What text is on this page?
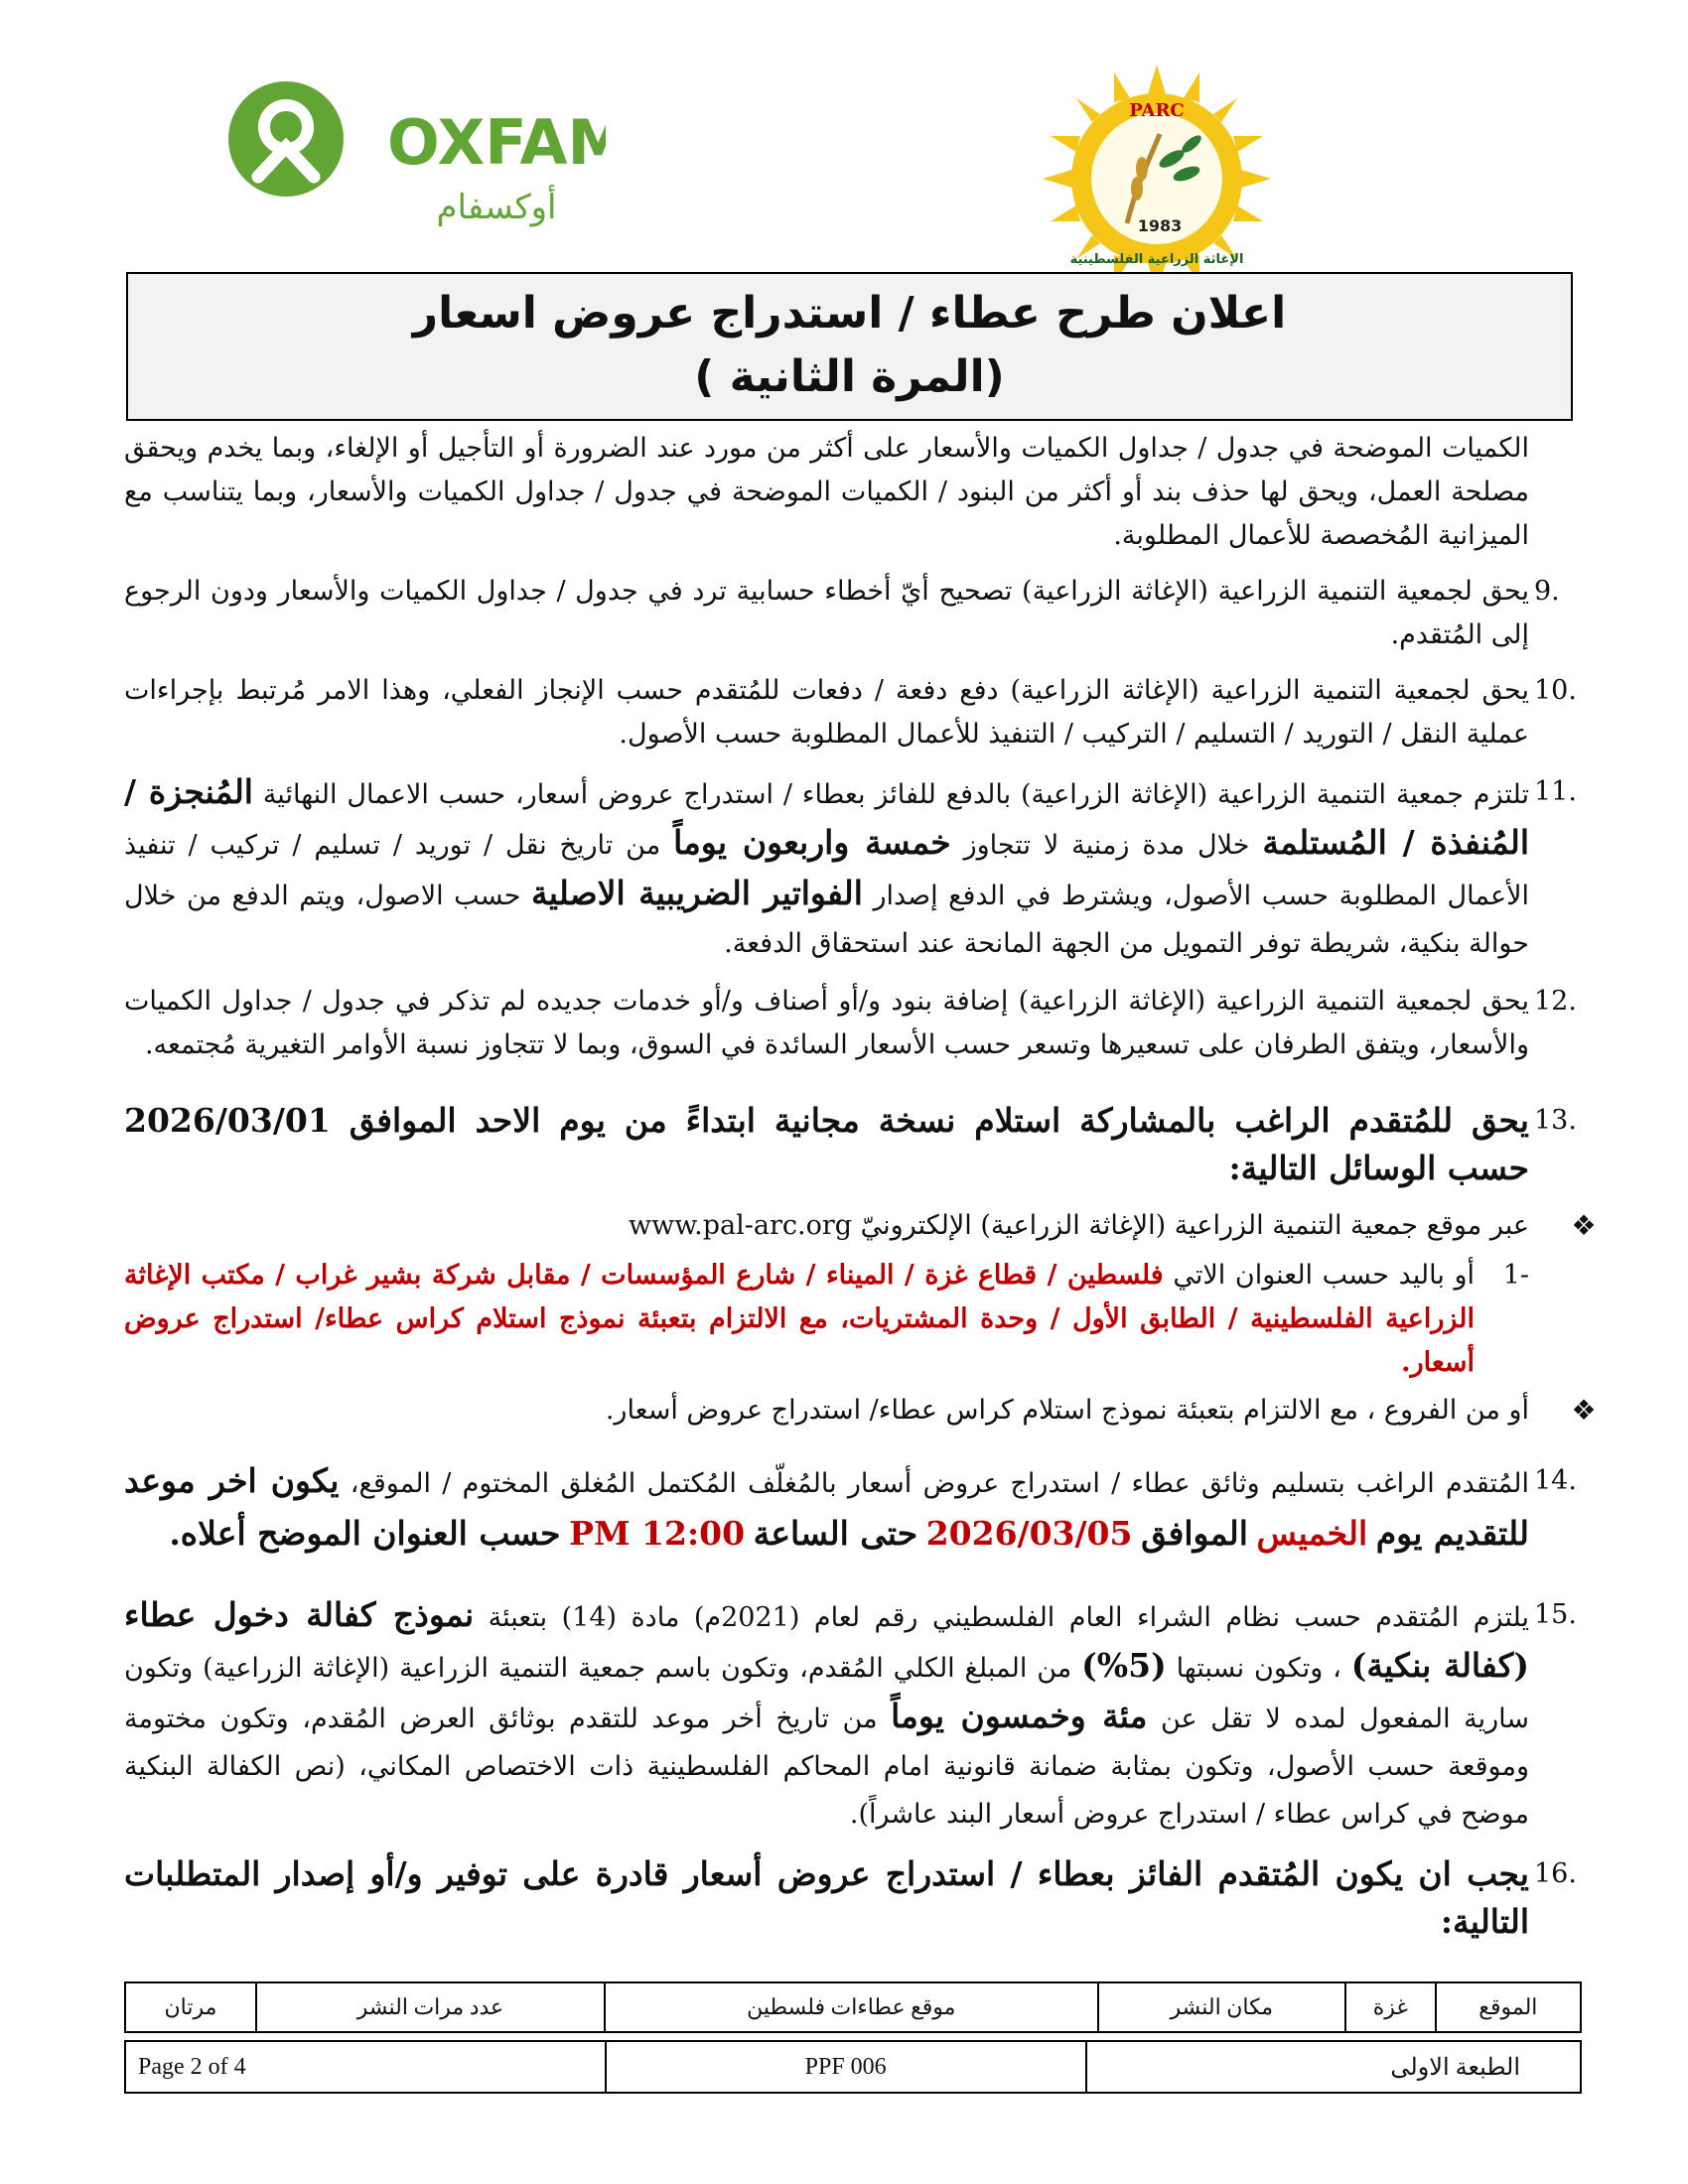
OXFAM
أوكسفام
PARC
1983
الإغاثة الزراعية الفلسطينية
اعلان طرح عطاء / استدراج عروض اسعار
(المرة الثانية )

الكميات الموضحة في جدول / جداول الكميات والأسعار على أكثر من مورد عند الضرورة أو التأجيل أو الإلغاء، وبما يخدم ويحقق مصلحة العمل، ويحق لها حذف بند أو أكثر من البنود / الكميات الموضحة في جدول / جداول الكميات والأسعار، وبما يتناسب مع الميزانية المُخصصة للأعمال المطلوبة.

9.
يحق لجمعية التنمية الزراعية (الإغاثة الزراعية) تصحيح أيّ أخطاء حسابية ترد في جدول / جداول الكميات والأسعار ودون الرجوع إلى المُتقدم.
10.
يحق لجمعية التنمية الزراعية (الإغاثة الزراعية) دفع دفعة / دفعات للمُتقدم حسب الإنجاز الفعلي، وهذا الامر مُرتبط بإجراءات عملية النقل / التوريد / التسليم / التركيب / التنفيذ للأعمال المطلوبة حسب الأصول.
11.
تلتزم جمعية التنمية الزراعية (الإغاثة الزراعية) بالدفع للفائز بعطاء / استدراج عروض أسعار، حسب الاعمال النهائية المُنجزة / المُنفذة / المُستلمة خلال مدة زمنية لا تتجاوز خمسة واربعون يوماً من تاريخ نقل / توريد / تسليم / تركيب / تنفيذ الأعمال المطلوبة حسب الأصول، ويشترط في الدفع إصدار الفواتير الضريبية الاصلية حسب الاصول، ويتم الدفع من خلال حوالة بنكية، شريطة توفر التمويل من الجهة المانحة عند استحقاق الدفعة.
12.
يحق لجمعية التنمية الزراعية (الإغاثة الزراعية) إضافة بنود و/أو أصناف و/أو خدمات جديده لم تذكر في جدول / جداول الكميات والأسعار، ويتفق الطرفان على تسعيرها وتسعر حسب الأسعار السائدة في السوق، وبما لا تتجاوز نسبة الأوامر التغيرية مُجتمعه.
13.
يحق للمُتقدم الراغب بالمشاركة استلام نسخة مجانية ابتداءً من يوم الاحد الموافق 2026/03/01 حسب الوسائل التالية:
❖
عبر موقع جمعية التنمية الزراعية (الإغاثة الزراعية) الإلكترونيّ www.pal-arc.org
1-
أو باليد حسب العنوان الاتي فلسطين / قطاع غزة / الميناء / شارع المؤسسات / مقابل شركة بشير غراب / مكتب الإغاثة الزراعية الفلسطينية / الطابق الأول / وحدة المشتريات، مع الالتزام بتعبئة نموذج استلام كراس عطاء/ استدراج عروض أسعار.
❖
أو من الفروع ، مع الالتزام بتعبئة نموذج استلام كراس عطاء/ استدراج عروض أسعار.
14.
المُتقدم الراغب بتسليم وثائق عطاء / استدراج عروض أسعار بالمُغلّف المُكتمل المُغلق المختوم / الموقع، يكون اخر موعد للتقديم يوم الخميس الموافق 2026/03/05 حتى الساعة 12:00 PM حسب العنوان الموضح أعلاه.
15.
يلتزم المُتقدم حسب نظام الشراء العام الفلسطيني رقم لعام (2021م) مادة (14) بتعبئة نموذج كفالة دخول عطاء (كفالة بنكية) ، وتكون نسبتها (5%) من المبلغ الكلي المُقدم، وتكون باسم جمعية التنمية الزراعية (الإغاثة الزراعية) وتكون سارية المفعول لمده لا تقل عن مئة وخمسون يوماً من تاريخ أخر موعد للتقدم بوثائق العرض المُقدم، وتكون مختومة وموقعة حسب الأصول، وتكون بمثابة ضمانة قانونية امام المحاكم الفلسطينية ذات الاختصاص المكاني، (نص الكفالة البنكية موضح في كراس عطاء / استدراج عروض أسعار البند عاشراً).
16.
يجب ان يكون المُتقدم الفائز بعطاء / استدراج عروض أسعار قادرة على توفير و/أو إصدار المتطلبات التالية:
الموقع	غزة	مكان النشر	موقع عطاءات فلسطين	عدد مرات النشر	مرتان
Page 2 of 4	PPF 006	الطبعة الاولى
